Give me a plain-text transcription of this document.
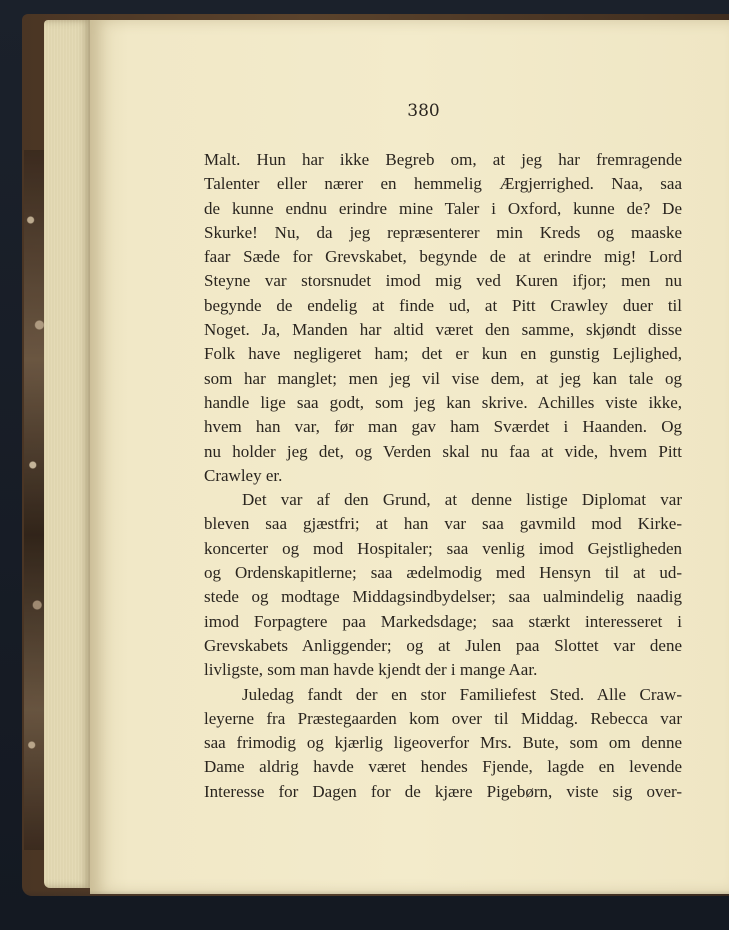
380
Malt. Hun har ikke Begreb om, at jeg har fremragende
Talenter eller nærer en hemmelig Ærgjerrighed. Naa, saa
de kunne endnu erindre mine Taler i Oxford, kunne de? De
Skurke! Nu, da jeg repræsenterer min Kreds og maaske
faar Sæde for Grevskabet, begynde de at erindre mig! Lord
Steyne var storsnudet imod mig ved Kuren ifjor; men nu
begynde de endelig at finde ud, at Pitt Crawley duer til
Noget. Ja, Manden har altid været den samme, skjøndt disse
Folk have negligeret ham; det er kun en gunstig Lejlighed,
som har manglet; men jeg vil vise dem, at jeg kan tale og
handle lige saa godt, som jeg kan skrive. Achilles viste ikke,
hvem han var, før man gav ham Sværdet i Haanden. Og
nu holder jeg det, og Verden skal nu faa at vide, hvem Pitt
Crawley er.
Det var af den Grund, at denne listige Diplomat var
bleven saa gjæstfri; at han var saa gavmild mod Kirke-
koncerter og mod Hospitaler; saa venlig imod Gejstligheden
og Ordenskapitlerne; saa ædelmodig med Hensyn til at ud-
stede og modtage Middagsindbydelser; saa ualmindelig naadig
imod Forpagtere paa Markedsdage; saa stærkt interesseret i
Grevskabets Anliggender; og at Julen paa Slottet var dene
livligste, som man havde kjendt der i mange Aar.
Juledag fandt der en stor Familiefest Sted. Alle Craw-
leyerne fra Præstegaarden kom over til Middag. Rebecca var
saa frimodig og kjærlig ligeoverfor Mrs. Bute, som om denne
Dame aldrig havde været hendes Fjende, lagde en levende
Interesse for Dagen for de kjære Pigebørn, viste sig over-
